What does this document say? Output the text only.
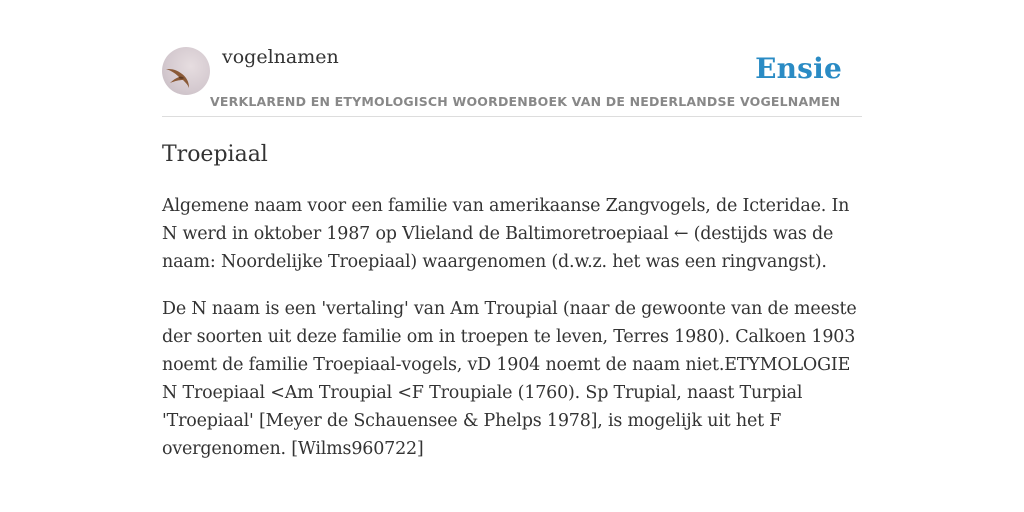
vogelnamen
VERKLAREND EN ETYMOLOGISCH WOORDENBOEK VAN DE NEDERLANDSE VOGELNAMEN
Ensie
Troepiaal

Algemene naam voor een familie van amerikaanse Zangvogels, de Icteridae. In N werd in oktober 1987 op Vlieland de Baltimoretroepiaal ← (destijds was de naam: Noordelijke Troepiaal) waargenomen (d.w.z. het was een ringvangst).

De N naam is een 'vertaling' van Am Troupial (naar de gewoonte van de meeste der soorten uit deze familie om in troepen te leven, Terres 1980). Calkoen 1903 noemt de familie Troepiaal-vogels, vD 1904 noemt de naam niet.ETYMOLOGIE N Troepiaal <Am Troupial <F Troupiale (1760). Sp Trupial, naast Turpial 'Troepiaal' [Meyer de Schauensee & Phelps 1978], is mogelijk uit het F overgenomen. [Wilms960722]
